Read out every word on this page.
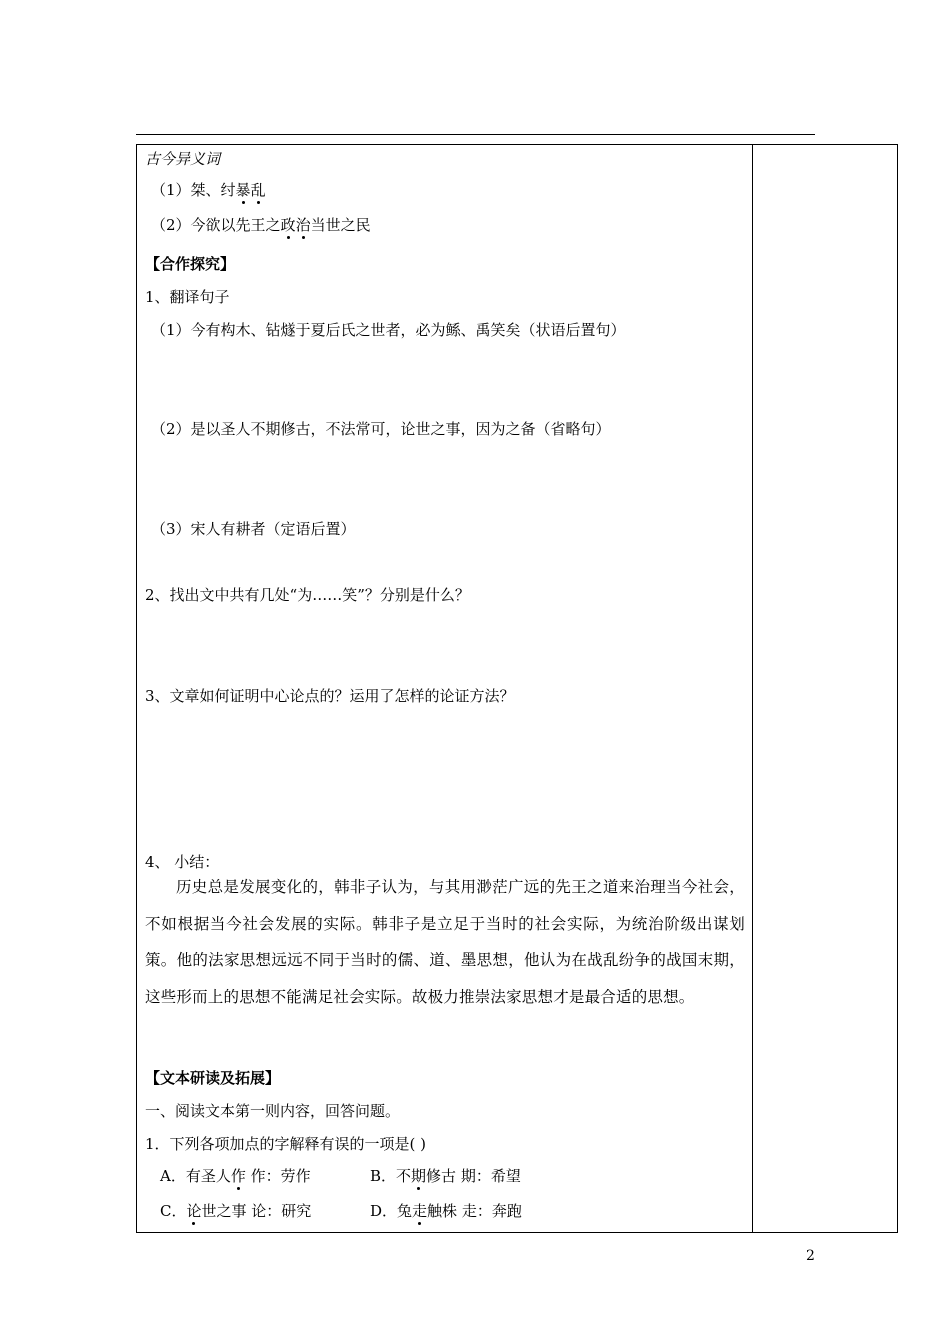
古今异义词
（1）桀、纣暴乱
（2）今欲以先王之政治当世之民
【合作探究】
1、翻译句子
（1）今有构木、钻燧于夏后氏之世者，必为鲧、禹笑矣（状语后置句）
（2）是以圣人不期修古，不法常可，论世之事，因为之备（省略句）
（3）宋人有耕者（定语后置）
2、找出文中共有几处“为……笑”？分别是什么？
3、文章如何证明中心论点的？运用了怎样的论证方法？
4、 小结：
历史总是发展变化的，韩非子认为，与其用渺茫广远的先王之道来治理当今社会，不如根据当今社会发展的实际。韩非子是立足于当时的社会实际，为统治阶级出谋划策。他的法家思想远远不同于当时的儒、道、墨思想，他认为在战乱纷争的战国末期，这些形而上的思想不能满足社会实际。故极力推崇法家思想才是最合适的思想。
【文本研读及拓展】
一、阅读文本第一则内容，回答问题。
1．下列各项加点的字解释有误的一项是( )
A．有圣人作 作：劳作	B．不期修古 期：希望
C．论世之事 论：研究	D．兔走触株 走：奔跑
2
